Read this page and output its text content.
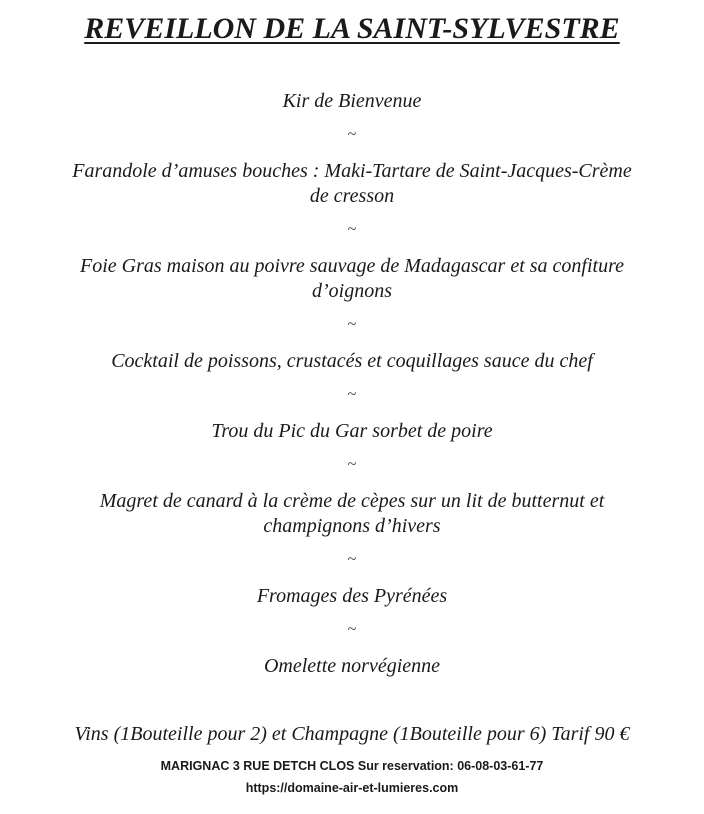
REVEILLON DE LA SAINT-SYLVESTRE
Kir de Bienvenue
~
Farandole d’amuses bouches : Maki-Tartare de Saint-Jacques-Crème
de cresson
~
Foie Gras maison au poivre sauvage de Madagascar et sa confiture
d’oignons
~
Cocktail de poissons, crustacés et coquillages sauce du chef
~
Trou du Pic du Gar sorbet de poire
~
Magret de canard à la crème de cèpes sur un lit de butternut et
champignons d’hivers
~
Fromages des Pyrénées
~
Omelette norvégienne
Vins (1Bouteille pour 2) et Champagne (1Bouteille pour 6) Tarif 90 €
MARIGNAC 3 RUE DETCH CLOS Sur reservation: 06-08-03-61-77
https://domaine-air-et-lumieres.com
